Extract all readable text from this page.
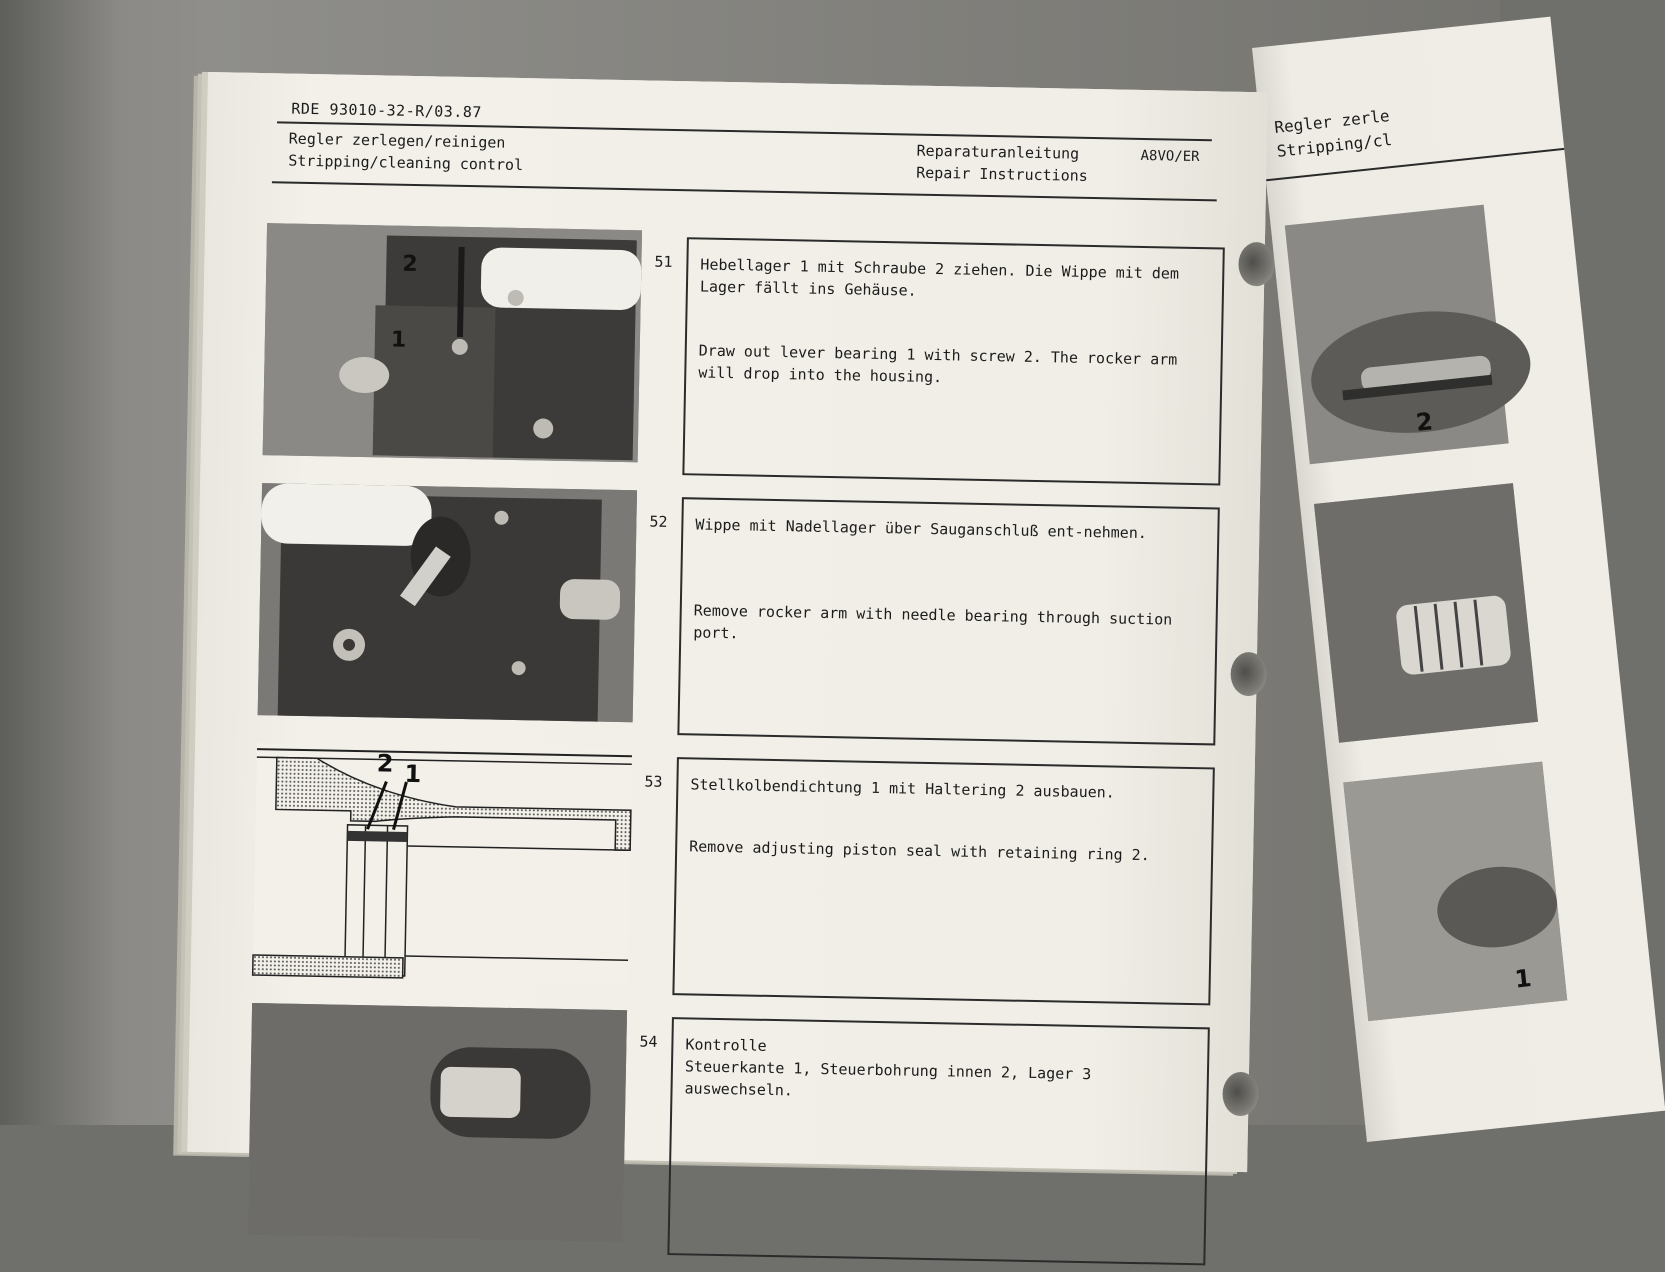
Regler zerle
Stripping/cl
2
1
RDE 93010-32-R/03.87
Regler zerlegen/reinigen
Stripping/cleaning control	Reparaturanleitung
Repair Instructions
A8VO/ER
2
1
51 Hebellager 1 mit Schraube 2 ziehen. Die Wippe mit dem Lager fällt ins Gehäuse.
Draw out lever bearing 1 with screw 2. The rocker arm will drop into the housing.
52 Wippe mit Nadellager über Sauganschluß ent-nehmen.
Remove rocker arm with needle bearing through suction port.
2 1	53 Stellkolbendichtung 1 mit Haltering 2 ausbauen.
Remove adjusting piston seal with retaining ring 2.
54 Kontrolle
Steuerkante 1, Steuerbohrung innen 2, Lager 3 auswechseln.
